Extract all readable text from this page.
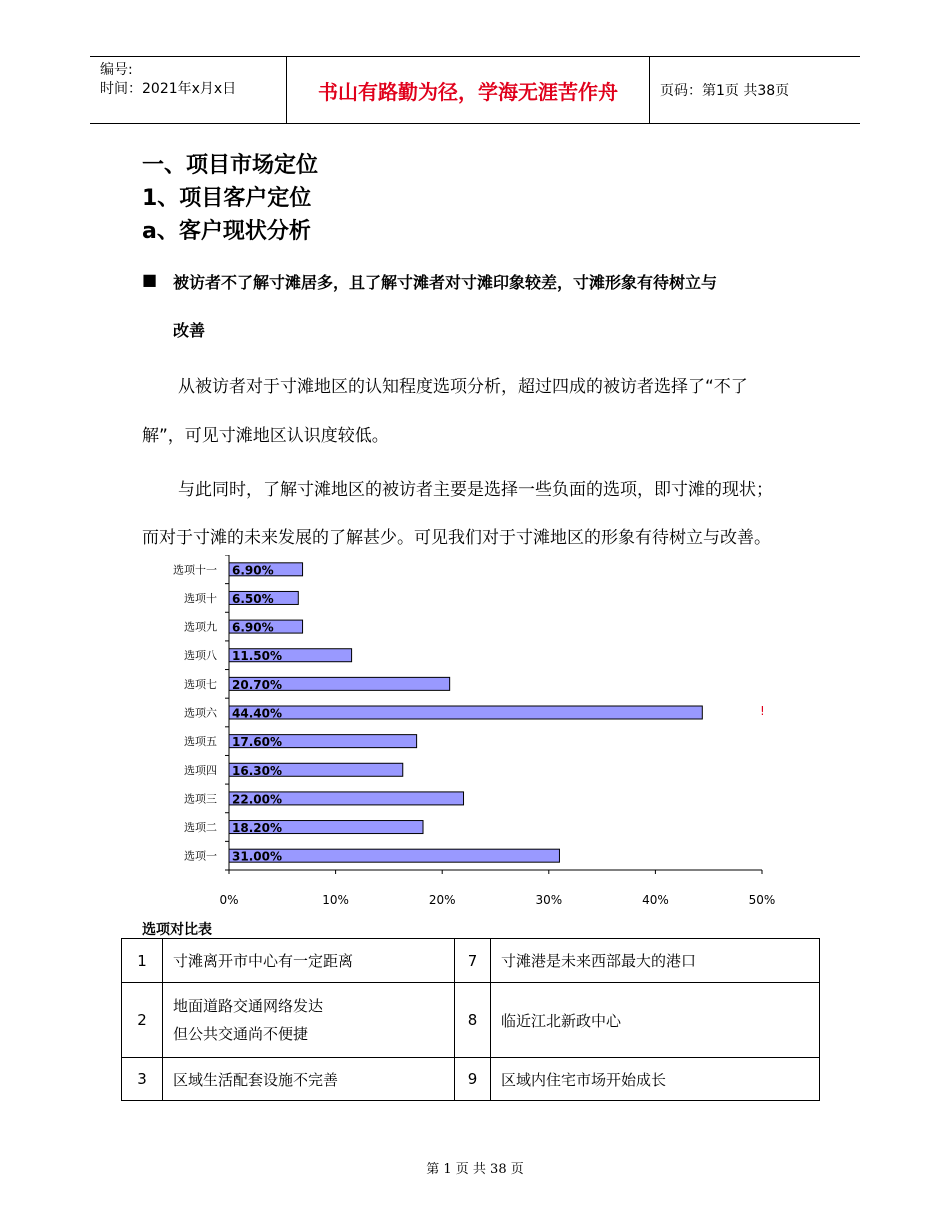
编号:
时间：2021年x月x日	书山有路勤为径，学海无涯苦作舟	页码：第1页 共38页
一、项目市场定位
1、项目客户定位
a、客户现状分析
■ 被访者不了解寸滩居多，且了解寸滩者对寸滩印象较差，寸滩形象有待树立与
改善
从被访者对于寸滩地区的认知程度选项分析，超过四成的被访者选择了“不了
解”，可见寸滩地区认识度较低。
与此同时，了解寸滩地区的被访者主要是选择一些负面的选项，即寸滩的现状；
而对于寸滩的未来发展的了解甚少。可见我们对于寸滩地区的形象有待树立与改善。
选项十一 6.90%
选项十 6.50%
选项九 6.90%
选项八 11.50%
选项七 20.70%
选项六 44.40%
选项五 17.60%
选项四 16.30%
选项三 22.00%
选项二 18.20%
选项一 31.00%
0%	10%	20%	30%	40%	50%
!
选项对比表
1	寸滩离开市中心有一定距离	7	寸滩港是未来西部最大的港口
2	地面道路交通网络发达
但公共交通尚不便捷	8	临近江北新政中心
3	区域生活配套设施不完善	9	区域内住宅市场开始成长
第 1 页 共 38 页
